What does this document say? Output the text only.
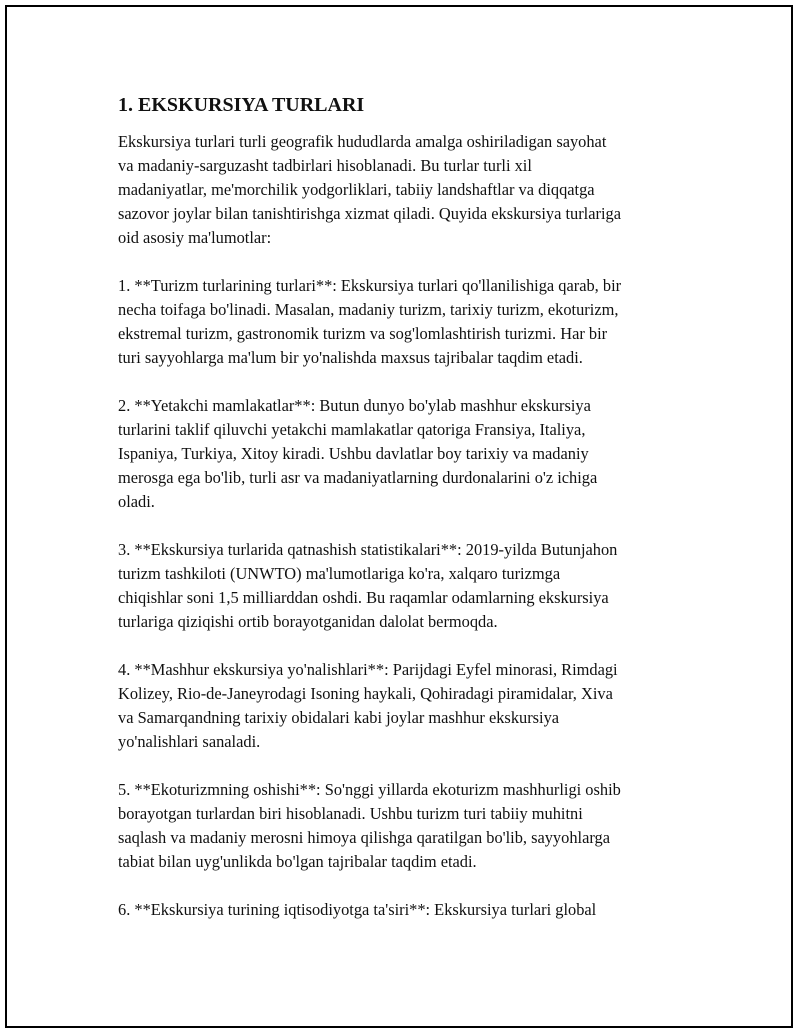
1. EKSKURSIYA TURLARI

Ekskursiya turlari turli geografik hududlarda amalga oshiriladigan sayohat
va madaniy-sarguzasht tadbirlari hisoblanadi. Bu turlar turli xil
madaniyatlar, me'morchilik yodgorliklari, tabiiy landshaftlar va diqqatga
sazovor joylar bilan tanishtirishga xizmat qiladi. Quyida ekskursiya turlariga
oid asosiy ma'lumotlar:

1. **Turizm turlarining turlari**: Ekskursiya turlari qo'llanilishiga qarab, bir
necha toifaga bo'linadi. Masalan, madaniy turizm, tarixiy turizm, ekoturizm,
ekstremal turizm, gastronomik turizm va sog'lomlashtirish turizmi. Har bir
turi sayyohlarga ma'lum bir yo'nalishda maxsus tajribalar taqdim etadi.

2. **Yetakchi mamlakatlar**: Butun dunyo bo'ylab mashhur ekskursiya
turlarini taklif qiluvchi yetakchi mamlakatlar qatoriga Fransiya, Italiya,
Ispaniya, Turkiya, Xitoy kiradi. Ushbu davlatlar boy tarixiy va madaniy
merosga ega bo'lib, turli asr va madaniyatlarning durdonalarini o'z ichiga
oladi.

3. **Ekskursiya turlarida qatnashish statistikalari**: 2019-yilda Butunjahon
turizm tashkiloti (UNWTO) ma'lumotlariga ko'ra, xalqaro turizmga
chiqishlar soni 1,5 milliarddan oshdi. Bu raqamlar odamlarning ekskursiya
turlariga qiziqishi ortib borayotganidan dalolat bermoqda.

4. **Mashhur ekskursiya yo'nalishlari**: Parijdagi Eyfel minorasi, Rimdagi
Kolizey, Rio-de-Janeyrodagi Isoning haykali, Qohiradagi piramidalar, Xiva
va Samarqandning tarixiy obidalari kabi joylar mashhur ekskursiya
yo'nalishlari sanaladi.

5. **Ekoturizmning oshishi**: So'nggi yillarda ekoturizm mashhurligi oshib
borayotgan turlardan biri hisoblanadi. Ushbu turizm turi tabiiy muhitni
saqlash va madaniy merosni himoya qilishga qaratilgan bo'lib, sayyohlarga
tabiat bilan uyg'unlikda bo'lgan tajribalar taqdim etadi.

6. **Ekskursiya turining iqtisodiyotga ta'siri**: Ekskursiya turlari global
